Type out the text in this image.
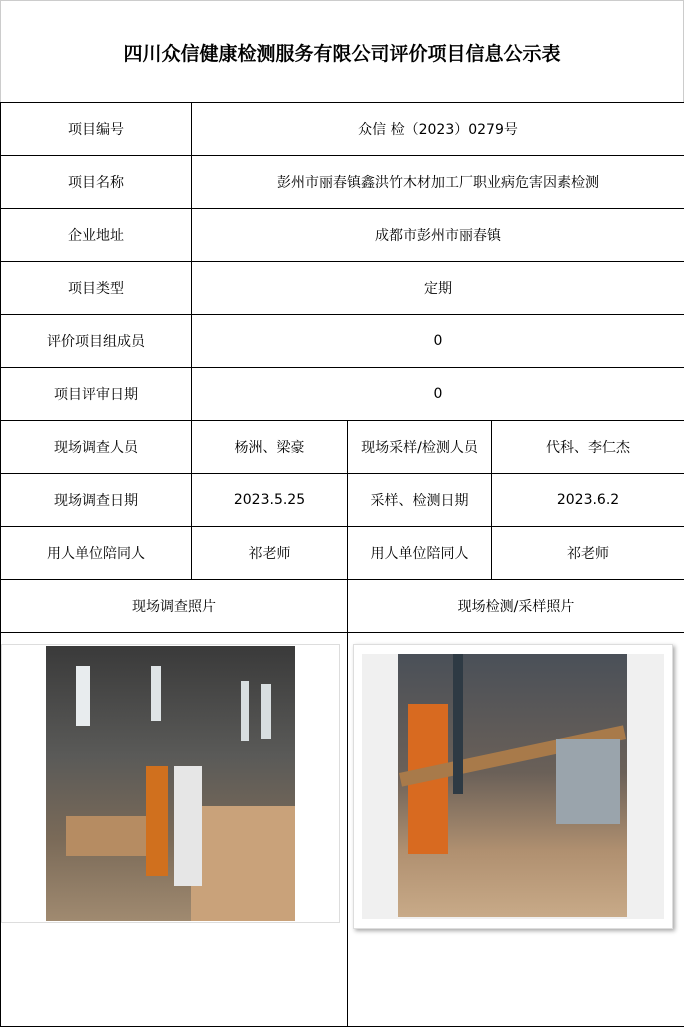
四川众信健康检测服务有限公司评价项目信息公示表
项目编号	众信 检（2023）0279号		
项目名称	彭州市丽春镇鑫洪竹木材加工厂职业病危害因素检测		
企业地址	成都市彭州市丽春镇		
项目类型	定期		
评价项目组成员	0		
项目评审日期	0		
现场调查人员	杨洲、梁豪	现场采样/检测人员	代科、李仁杰
现场调查日期	2023.5.25	采样、检测日期	2023.6.2
用人单位陪同人	祁老师	用人单位陪同人	祁老师
现场调查照片		现场检测/采样照片	
